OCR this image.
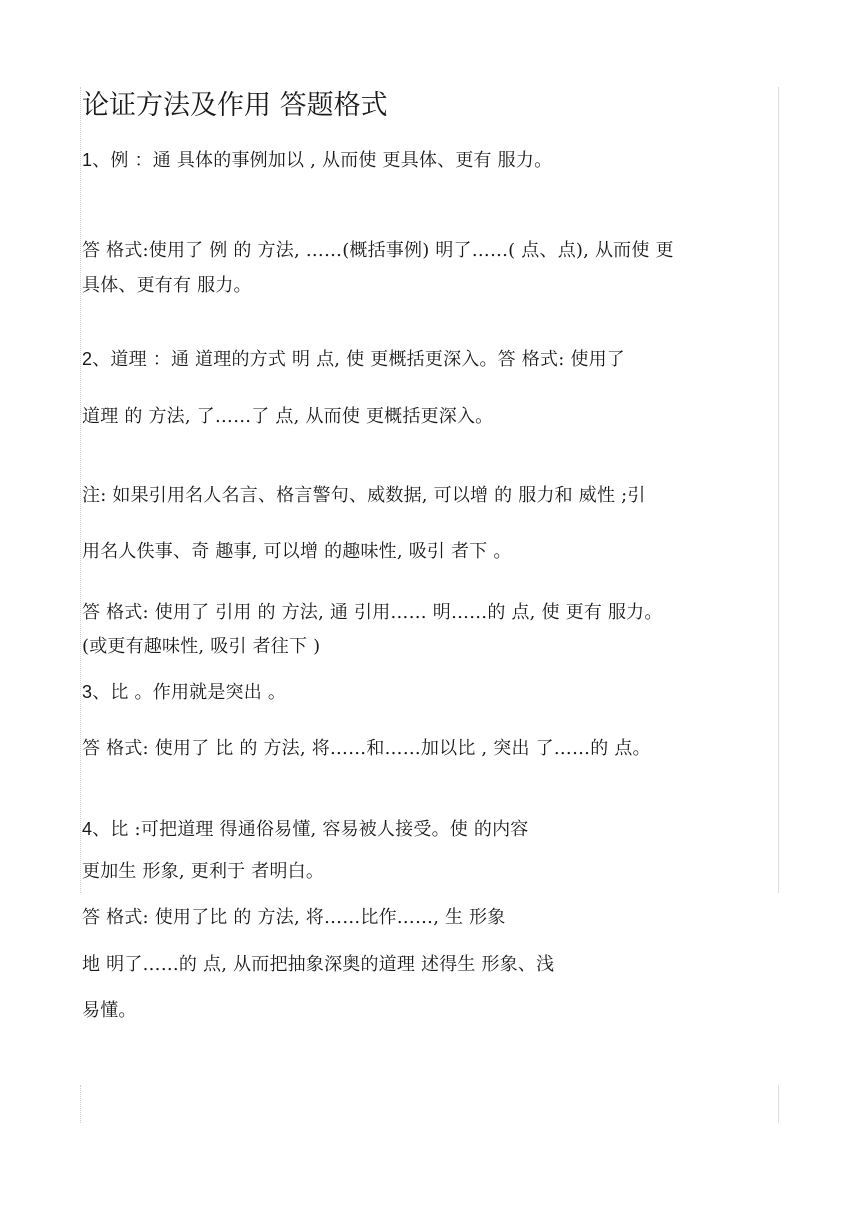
论证方法及作用 答题格式
1、例 ：通 具体的事例加以 , 从而使 更具体、更有 服力。
答 格式:使用了 例 的 方法, ……(概括事例) 明了……( 点、点), 从而使 更
具体、更有有 服力。
2、道理 ：通 道理的方式 明 点, 使 更概括更深入。答 格式: 使用了
道理 的 方法, 了……了 点, 从而使 更概括更深入。
注: 如果引用名人名言、格言警句、威数据, 可以增 的 服力和 威性 ;引
用名人佚事、奇 趣事, 可以增 的趣味性, 吸引 者下 。
答 格式: 使用了 引用 的 方法, 通 引用…… 明……的 点, 使 更有 服力。
(或更有趣味性, 吸引 者往下 )
3、比 。作用就是突出 。
答 格式: 使用了 比 的 方法, 将……和……加以比 , 突出 了……的 点。
4、比 :可把道理 得通俗易懂, 容易被人接受。使 的内容
更加生 形象, 更利于 者明白。
答 格式: 使用了比 的 方法, 将……比作……, 生 形象
地 明了……的 点, 从而把抽象深奥的道理 述得生 形象、浅
易懂。
